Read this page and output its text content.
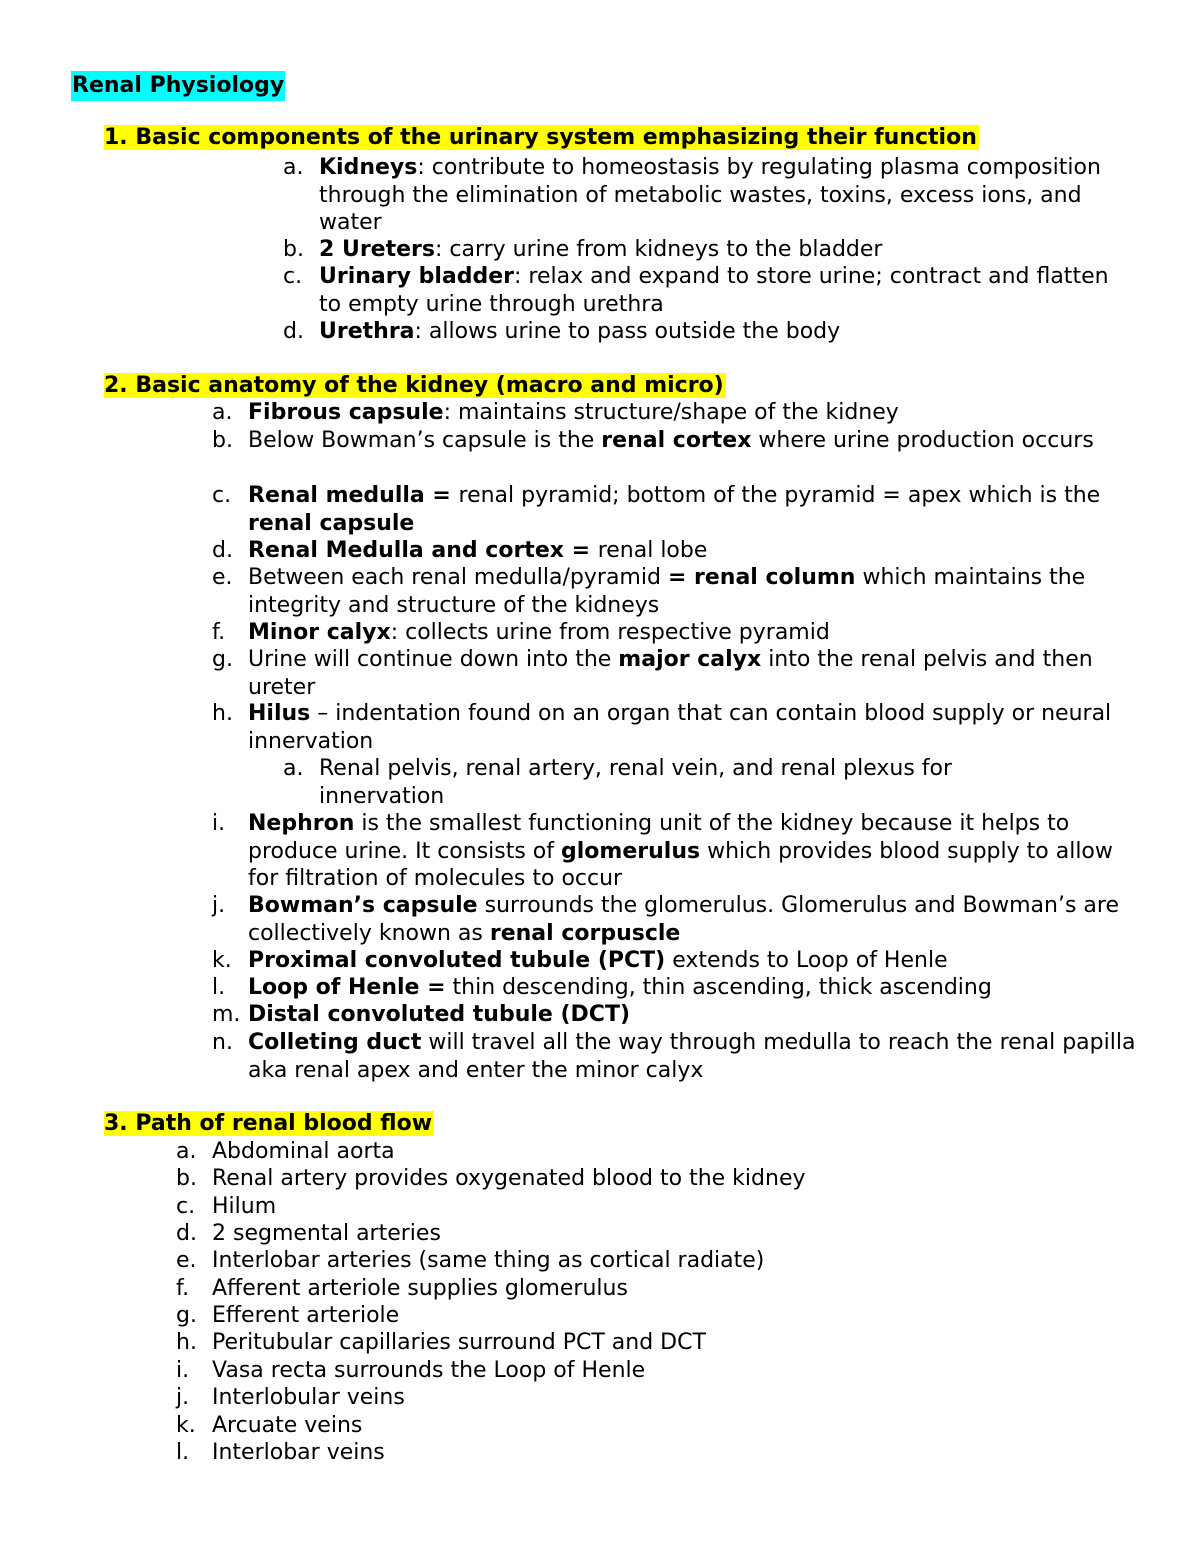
Renal Physiology
1. Basic components of the urinary system emphasizing their function
a. Kidneys: contribute to homeostasis by regulating plasma composition through the elimination of metabolic wastes, toxins, excess ions, and water
b. 2 Ureters: carry urine from kidneys to the bladder
c. Urinary bladder: relax and expand to store urine; contract and flatten to empty urine through urethra
d. Urethra: allows urine to pass outside the body
2. Basic anatomy of the kidney (macro and micro)
a. Fibrous capsule: maintains structure/shape of the kidney
b. Below Bowman’s capsule is the renal cortex where urine production occurs
c. Renal medulla = renal pyramid; bottom of the pyramid = apex which is the renal capsule
d. Renal Medulla and cortex = renal lobe
e. Between each renal medulla/pyramid = renal column which maintains the integrity and structure of the kidneys
f. Minor calyx: collects urine from respective pyramid
g. Urine will continue down into the major calyx into the renal pelvis and then ureter
h. Hilus – indentation found on an organ that can contain blood supply or neural innervation
a. Renal pelvis, renal artery, renal vein, and renal plexus for innervation
i. Nephron is the smallest functioning unit of the kidney because it helps to produce urine. It consists of glomerulus which provides blood supply to allow for filtration of molecules to occur
j. Bowman’s capsule surrounds the glomerulus. Glomerulus and Bowman’s are collectively known as renal corpuscle
k. Proximal convoluted tubule (PCT) extends to Loop of Henle
l. Loop of Henle = thin descending, thin ascending, thick ascending
m. Distal convoluted tubule (DCT)
n. Colleting duct will travel all the way through medulla to reach the renal papilla aka renal apex and enter the minor calyx
3. Path of renal blood flow
a. Abdominal aorta
b. Renal artery provides oxygenated blood to the kidney
c. Hilum
d. 2 segmental arteries
e. Interlobar arteries (same thing as cortical radiate)
f. Afferent arteriole supplies glomerulus
g. Efferent arteriole
h. Peritubular capillaries surround PCT and DCT
i. Vasa recta surrounds the Loop of Henle
j. Interlobular veins
k. Arcuate veins
l. Interlobar veins
